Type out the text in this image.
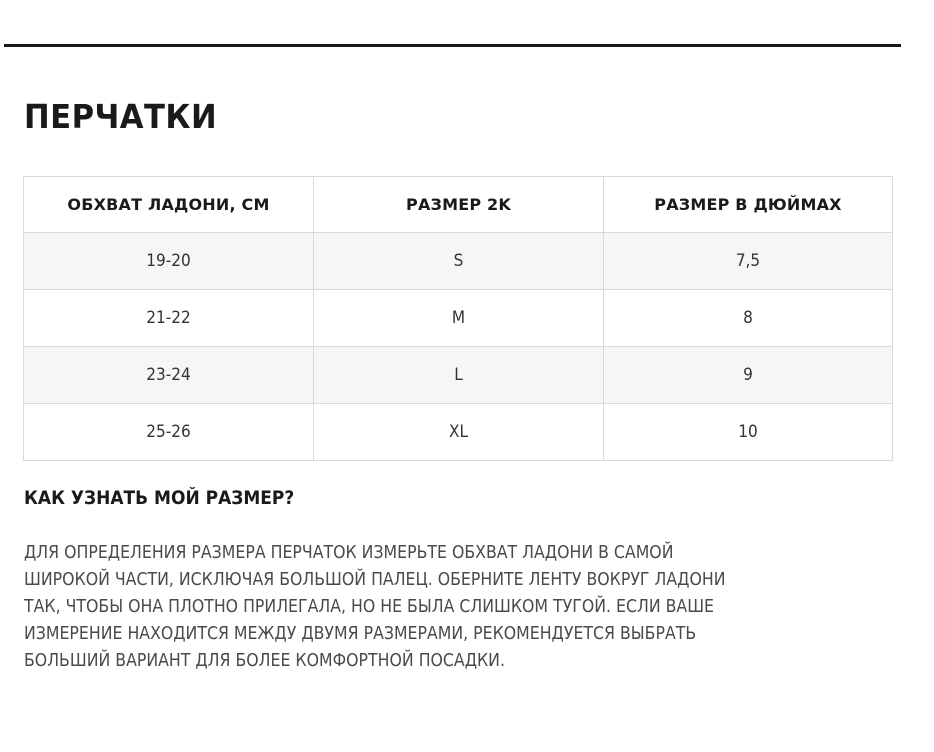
ПЕРЧАТКИ
ОБХВАТ ЛАДОНИ, СМ	РАЗМЕР 2K	РАЗМЕР В ДЮЙМАХ
19-20	S	7,5
21-22	M	8
23-24	L	9
25-26	XL	10
КАК УЗНАТЬ МОЙ РАЗМЕР?
ДЛЯ ОПРЕДЕЛЕНИЯ РАЗМЕРА ПЕРЧАТОК ИЗМЕРЬТЕ ОБХВАТ ЛАДОНИ В САМОЙ
ШИРОКОЙ ЧАСТИ, ИСКЛЮЧАЯ БОЛЬШОЙ ПАЛЕЦ. ОБЕРНИТЕ ЛЕНТУ ВОКРУГ ЛАДОНИ
ТАК, ЧТОБЫ ОНА ПЛОТНО ПРИЛЕГАЛА, НО НЕ БЫЛА СЛИШКОМ ТУГОЙ. ЕСЛИ ВАШЕ
ИЗМЕРЕНИЕ НАХОДИТСЯ МЕЖДУ ДВУМЯ РАЗМЕРАМИ, РЕКОМЕНДУЕТСЯ ВЫБРАТЬ
БОЛЬШИЙ ВАРИАНТ ДЛЯ БОЛЕЕ КОМФОРТНОЙ ПОСАДКИ.
